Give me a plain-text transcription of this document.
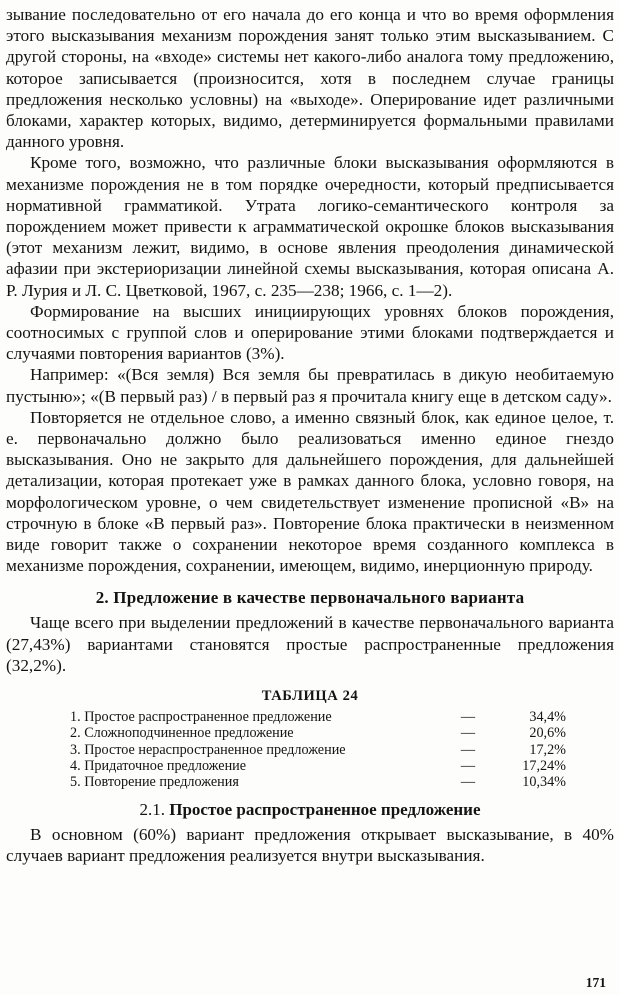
зывание последовательно от его начала до его конца и что во время оформления этого высказывания механизм порождения занят только этим высказыванием. С другой стороны, на «входе» системы нет какого-либо аналога тому предложению, которое записывается (произносится, хотя в последнем случае границы предложения несколько условны) на «выходе». Оперирование идет различными блоками, характер которых, видимо, детерминируется формальными правилами данного уровня.

Кроме того, возможно, что различные блоки высказывания оформляются в механизме порождения не в том порядке очередности, который предписывается нормативной грамматикой. Утрата логико-семантического контроля за порождением может привести к аграмматической окрошке блоков высказывания (этот механизм лежит, видимо, в основе явления преодоления динамической афазии при экстериоризации линейной схемы высказывания, которая описана А. Р. Лурия и Л. С. Цветковой, 1967, с. 235—238; 1966, с. 1—2).

Формирование на высших инициирующих уровнях блоков порождения, соотносимых с группой слов и оперирование этими блоками подтверждается и случаями повторения вариантов (3%).

Например: «(Вся земля) Вся земля бы превратилась в дикую необитаемую пустыню»; «(В первый раз) / в первый раз я прочитала книгу еще в детском саду».

Повторяется не отдельное слово, а именно связный блок, как единое целое, т. е. первоначально должно было реализоваться именно единое гнездо высказывания. Оно не закрыто для дальнейшего порождения, для дальнейшей детализации, которая протекает уже в рамках данного блока, условно говоря, на морфологическом уровне, о чем свидетельствует изменение прописной «В» на строчную в блоке «В первый раз». Повторение блока практически в неизменном виде говорит также о сохранении некоторое время созданного комплекса в механизме порождения, сохранении, имеющем, видимо, инерционную природу.

2. Предложение в качестве первоначального варианта

Чаще всего при выделении предложений в качестве первоначального варианта (27,43%) вариантами становятся простые распространенные предложения (32,2%).

ТАБЛИЦА 24
1. Простое распространенное предложение	—	34,4%
2. Сложноподчиненное предложение	—	20,6%
3. Простое нераспространенное предложение	—	17,2%
4. Придаточное предложение	—	17,24%
5. Повторение предложения	—	10,34%
2.1. Простое распространенное предложение

В основном (60%) вариант предложения открывает высказывание, в 40% случаев вариант предложения реализуется внутри высказывания.

171
